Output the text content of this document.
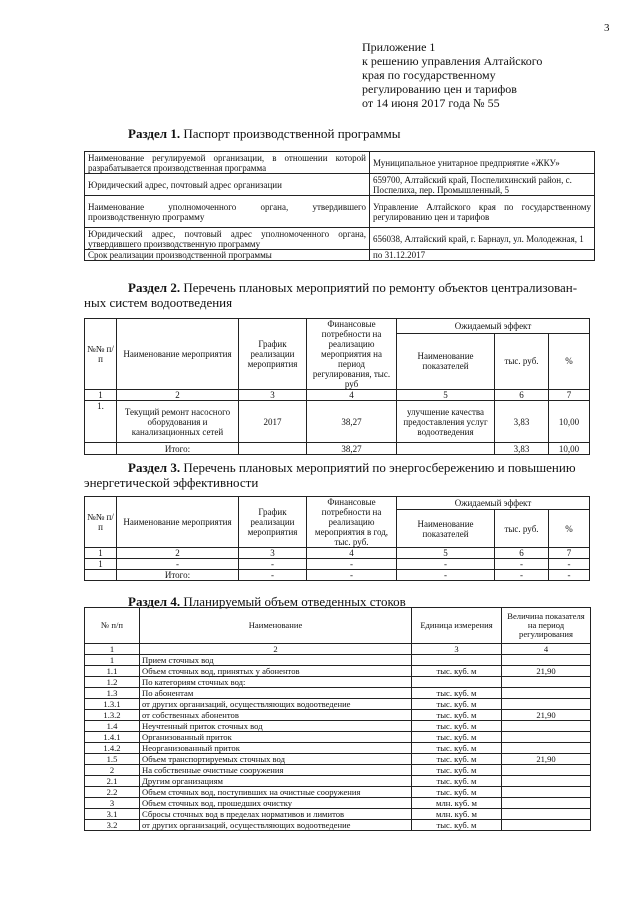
3
Приложение 1
к решению управления Алтайского
края по государственному
регулированию цен и тарифов
от 14 июня 2017 года № 55
Раздел 1. Паспорт производственной программы
Наименование регулируемой организации, в отношении которой разрабатывается производственная программа	Муниципальное унитарное предприятие «ЖКУ»
Юридический адрес, почтовый адрес организации	659700, Алтайский край, Поспелихинский район, с. Поспелиха, пер. Промышленный, 5
Наименование уполномоченного органа, утвердившего производственную программу	Управление Алтайского края по государственному регулированию цен и тарифов
Юридический адрес, почтовый адрес уполномоченного органа, утвердившего производственную программу	656038, Алтайский край, г. Барнаул, ул. Молодежная, 1
Срок реализации производственной программы	по 31.12.2017
Раздел 2. Перечень плановых мероприятий по ремонту объектов централизован-
ных систем водоотведения
№№ п/п	Наименование мероприятия	График реализации мероприятия	Финансовые потребности на реализацию мероприятия на период регулирования, тыс. руб	Ожидаемый эффект		
				Наименование показателей	тыс. руб.	%
1	2	3	4	5	6	7
1.	Текущий ремонт насосного оборудования и канализационных сетей	2017	38,27	улучшение качества предоставления услуг водоотведения	3,83	10,00
	Итого:		38,27		3,83	10,00
Раздел 3. Перечень плановых мероприятий по энергосбережению и повышению
энергетической эффективности
№№ п/п	Наименование мероприятия	График реализации мероприятия	Финансовые потребности на реализацию мероприятия в год, тыс. руб.	Ожидаемый эффект		
				Наименование показателей	тыс. руб.	%
1	2	3	4	5	6	7
1	-	-	-	-	-	-
	Итого:	-	-	-	-	-
Раздел 4. Планируемый объем отведенных стоков
№ п/п	Наименование	Единица измерения	Величина показателя на период регулирования
1	2	3	4
1	Прием сточных вод		
1.1	Объем сточных вод, принятых у абонентов	тыс. куб. м	21,90
1.2	По категориям сточных вод:		
1.3	По абонентам	тыс. куб. м	
1.3.1	от других организаций, осуществляющих водоотведение	тыс. куб. м	
1.3.2	от собственных абонентов	тыс. куб. м	21,90
1.4	Неучтенный приток сточных вод	тыс. куб. м	
1.4.1	Организованный приток	тыс. куб. м	
1.4.2	Неорганизованный приток	тыс. куб. м	
1.5	Объем транспортируемых сточных вод	тыс. куб. м	21,90
2	На собственные очистные сооружения	тыс. куб. м	
2.1	Другим организациям	тыс. куб. м	
2.2	Объем сточных вод, поступивших на очистные сооружения	тыс. куб. м	
3	Объем сточных вод, прошедших очистку	млн. куб. м	
3.1	Сбросы сточных вод в пределах нормативов и лимитов	млн. куб. м	
3.2	от других организаций, осуществляющих водоотведение	тыс. куб. м	
